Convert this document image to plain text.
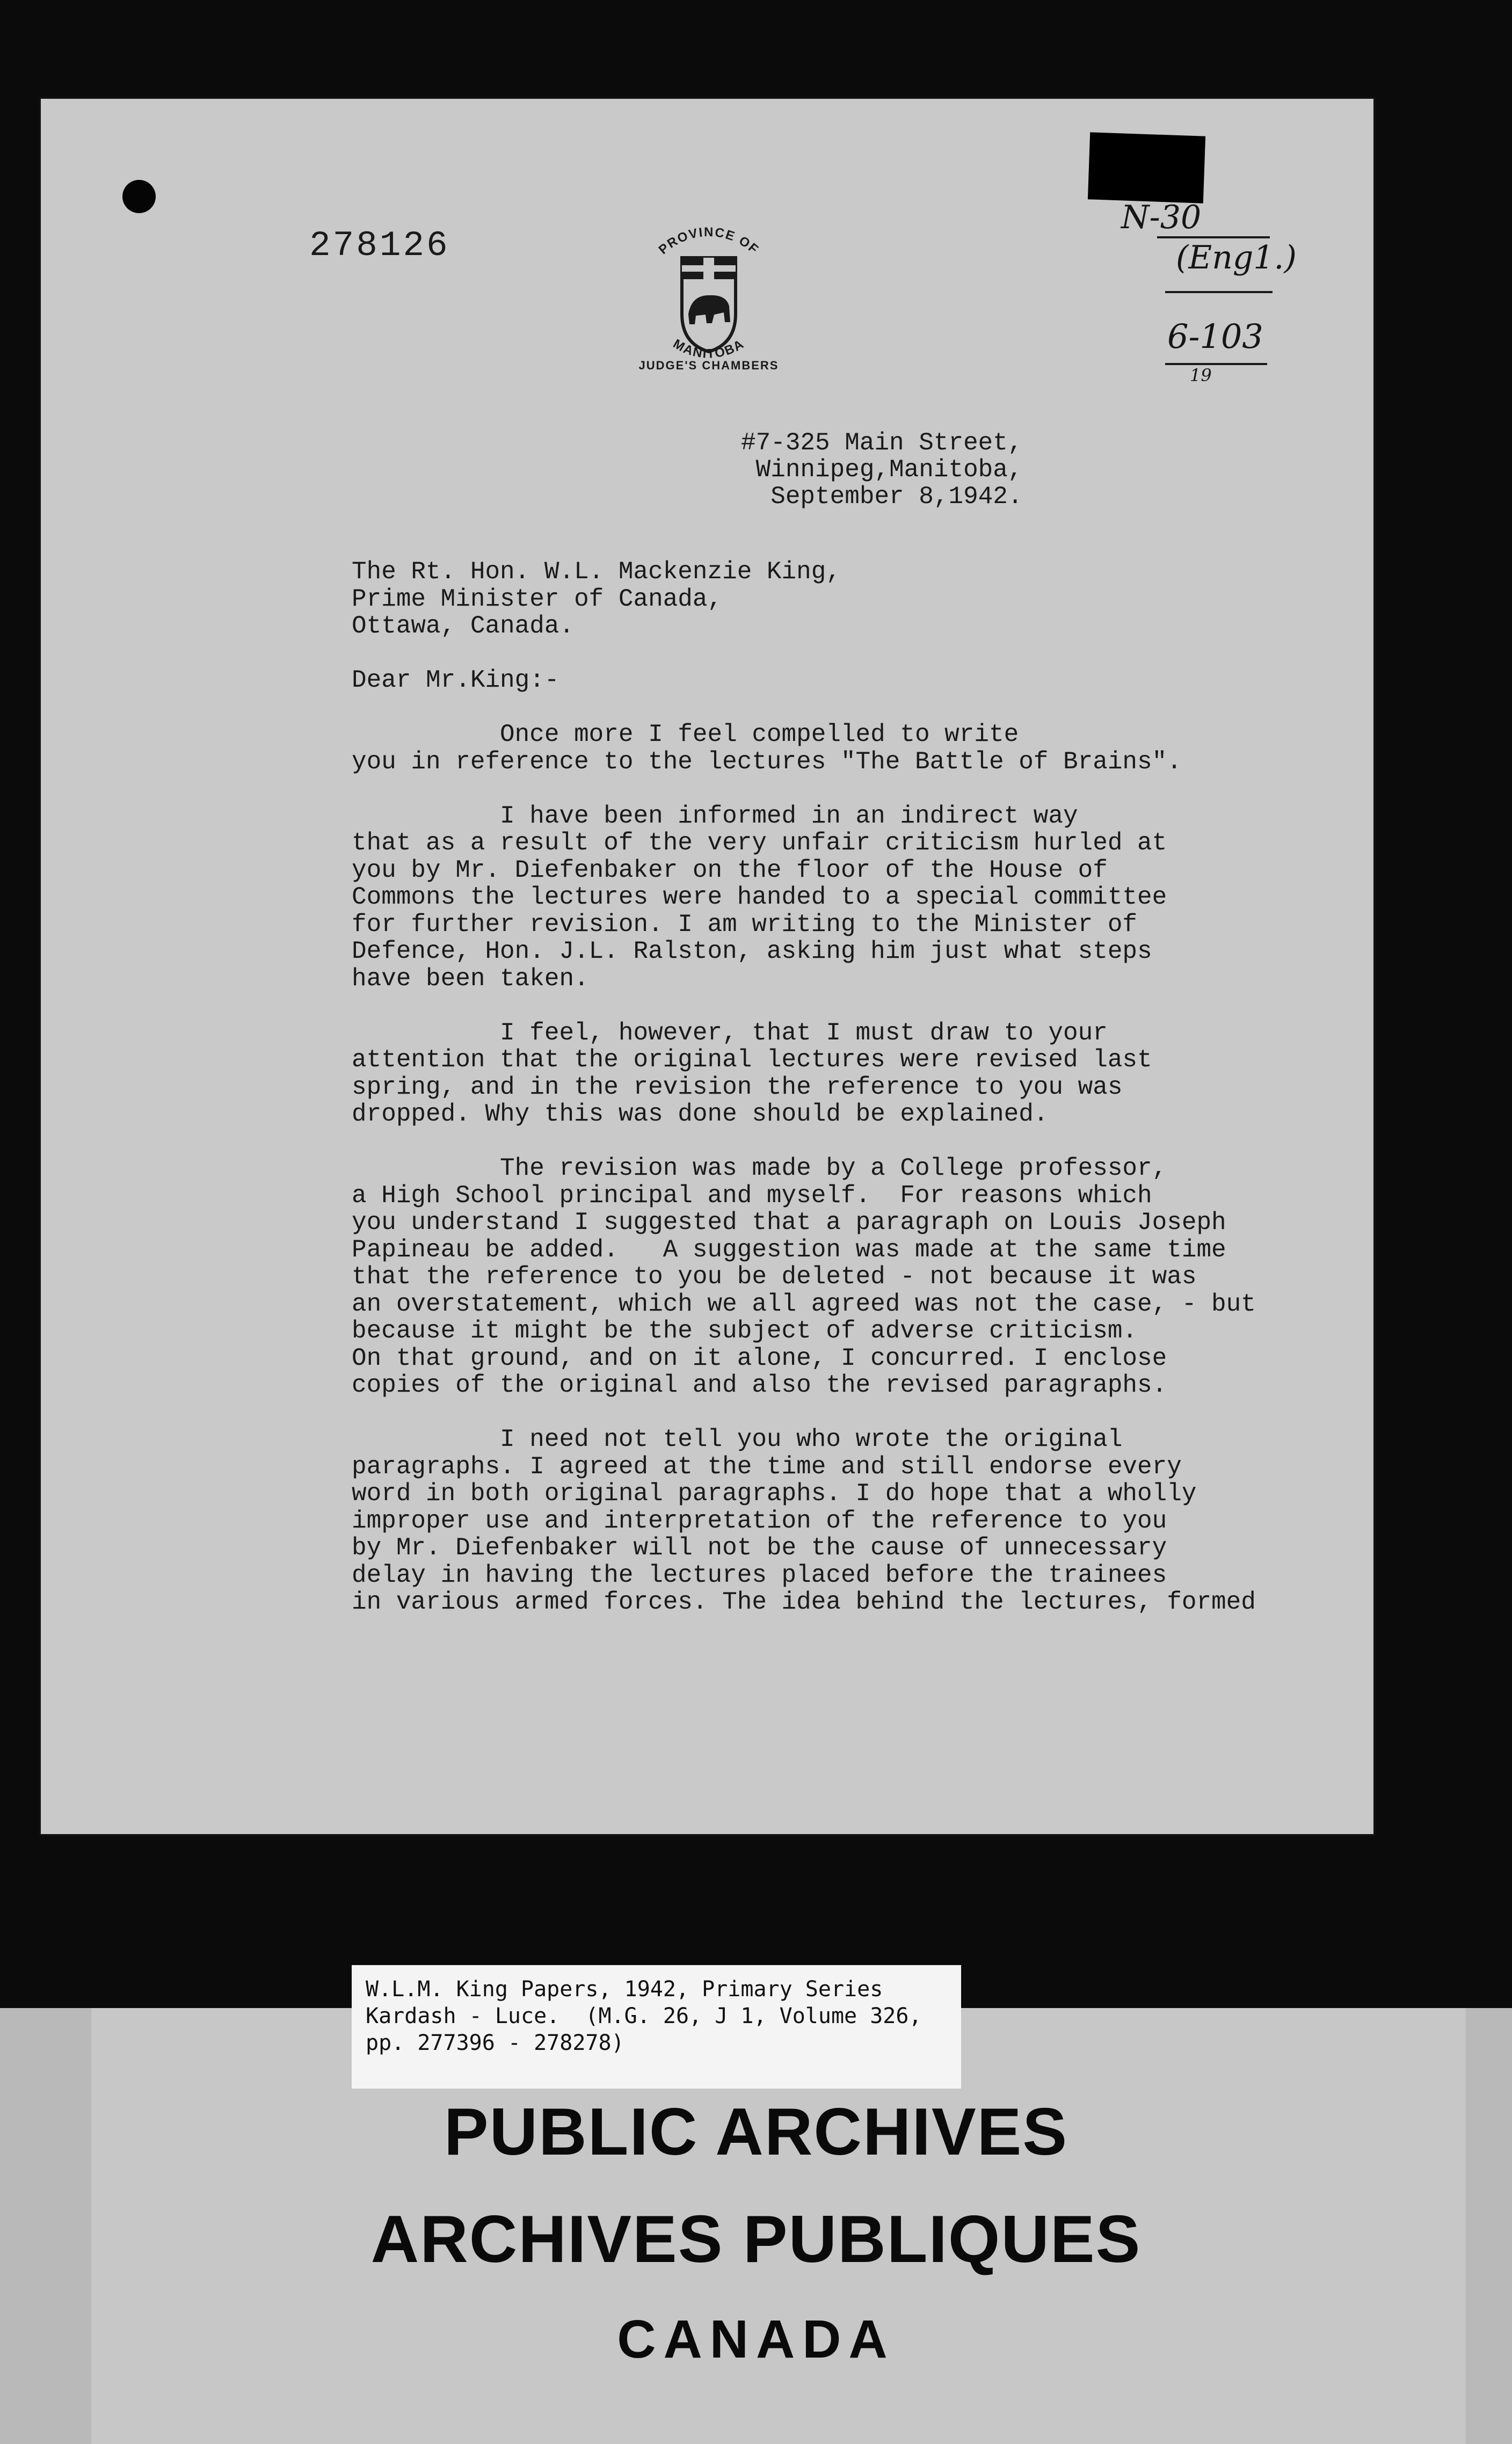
278126	PROVINCE OF
MANITOBA
JUDGE'S CHAMBERS
N-30
(Eng1.)
6-103
19
#7-325 Main Street,
Winnipeg,Manitoba,
September 8,1942.
The Rt. Hon. W.L. Mackenzie King,
Prime Minister of Canada,
Ottawa, Canada.
Dear Mr.King:-
Once more I feel compelled to write
you in reference to the lectures "The Battle of Brains".
I have been informed in an indirect way
that as a result of the very unfair criticism hurled at
you by Mr. Diefenbaker on the floor of the House of
Commons the lectures were handed to a special committee
for further revision. I am writing to the Minister of
Defence, Hon. J.L. Ralston, asking him just what steps
have been taken.
I feel, however, that I must draw to your
attention that the original lectures were revised last
spring, and in the revision the reference to you was
dropped. Why this was done should be explained.
The revision was made by a College professor,
a High School principal and myself.  For reasons which
you understand I suggested that a paragraph on Louis Joseph
Papineau be added.   A suggestion was made at the same time
that the reference to you be deleted - not because it was
an overstatement, which we all agreed was not the case, - but
because it might be the subject of adverse criticism.
On that ground, and on it alone, I concurred. I enclose
copies of the original and also the revised paragraphs.
I need not tell you who wrote the original
paragraphs. I agreed at the time and still endorse every
word in both original paragraphs. I do hope that a wholly
improper use and interpretation of the reference to you
by Mr. Diefenbaker will not be the cause of unnecessary
delay in having the lectures placed before the trainees
in various armed forces. The idea behind the lectures, formed
W.L.M. King Papers, 1942, Primary Series
Kardash - Luce.  (M.G. 26, J 1, Volume 326,
pp. 277396 - 278278)
PUBLIC ARCHIVES
ARCHIVES PUBLIQUES
CANADA
